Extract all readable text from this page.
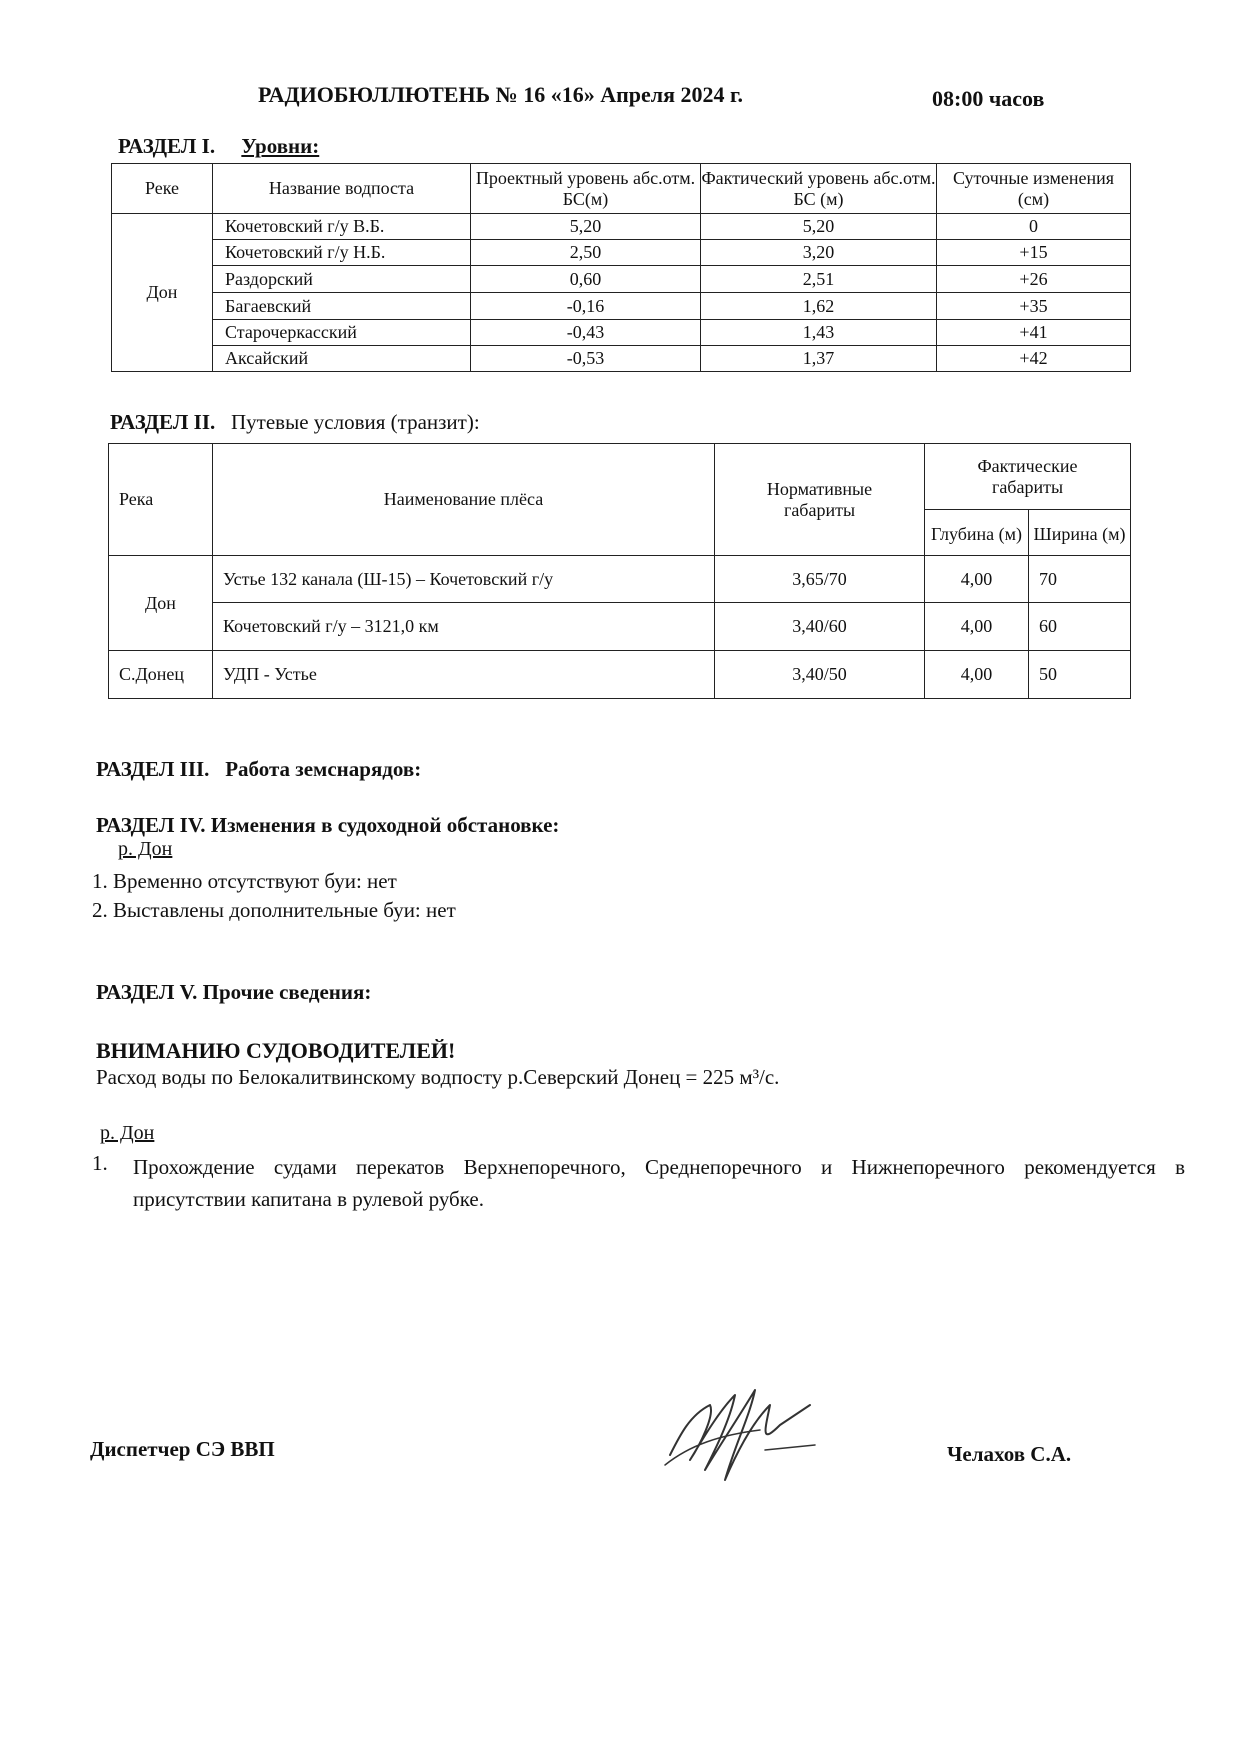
РАДИОБЮЛЛЮТЕНЬ № 16 «16» Апреля 2024 г.	08:00 часов
РАЗДЕЛ I. Уровни:
Реке	Название водпоста	Проектный уровень абс.отм. БС(м)	Фактический уровень абс.отм. БС (м)	Суточные изменения (см)
Дон	Кочетовский г/у В.Б.	5,20	5,20	0
	Кочетовский г/у Н.Б.	2,50	3,20	+15
	Раздорский	0,60	2,51	+26
	Багаевский	-0,16	1,62	+35
	Старочеркасский	-0,43	1,43	+41
	Аксайский	-0,53	1,37	+42
РАЗДЕЛ II. Путевые условия (транзит):
Река	Наименование плёса	Нормативные габариты	Фактические габариты	
			Глубина (м)	Ширина (м)
Дон	Устье 132 канала (Ш-15) – Кочетовский г/у	3,65/70	4,00	70
	Кочетовский г/у – 3121,0 км	3,40/60	4,00	60
С.Донец	УДП - Устье	3,40/50	4,00	50
РАЗДЕЛ III. Работа земснарядов:
РАЗДЕЛ IV. Изменения в судоходной обстановке:
р. Дон
1. Временно отсутствуют буи: нет
2. Выставлены дополнительные буи: нет
РАЗДЕЛ V. Прочие сведения:
ВНИМАНИЮ СУДОВОДИТЕЛЕЙ!
Расход воды по Белокалитвинскому водпосту р.Северский Донец = 225 м³/с.
р. Дон
1. Прохождение судами перекатов Верхнепоречного, Среднепоречного и Нижнепоречного рекомендуется в присутствии капитана в рулевой рубке.
Диспетчер СЭ ВВП	Челахов С.А.
